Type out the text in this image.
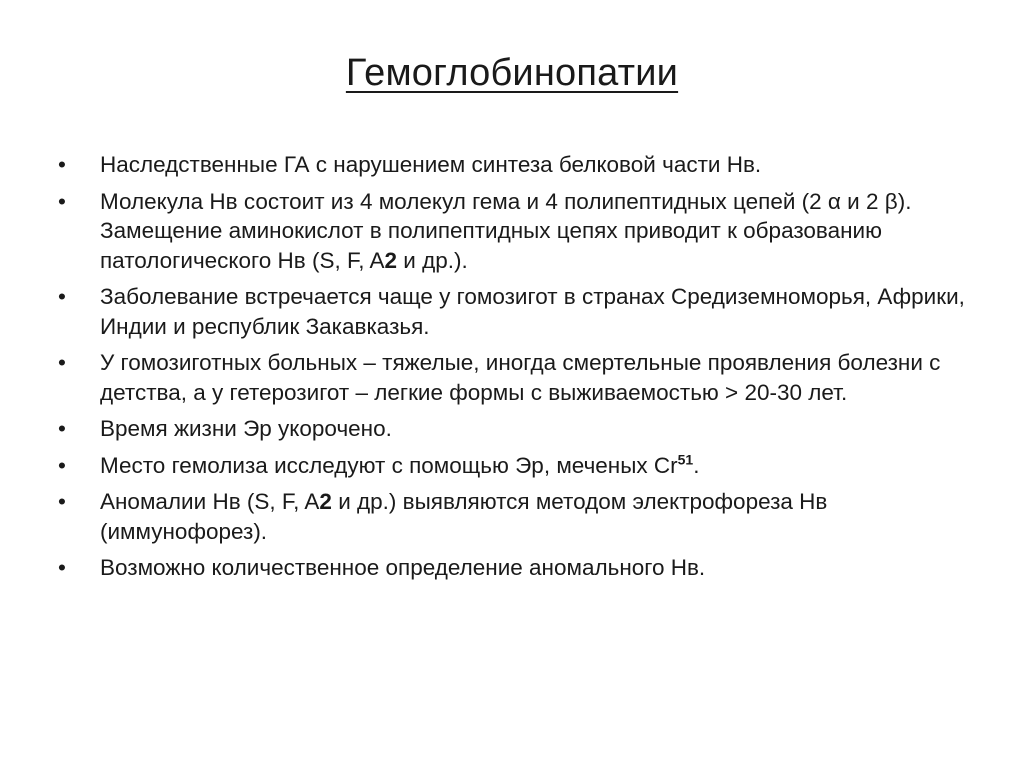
Гемоглобинопатии
•	Наследственные ГА с нарушением синтеза белковой части Нв.
•	Молекула Нв состоит из 4 молекул гема и 4 полипептидных цепей (2 α и 2 β). Замещение аминокислот в полипептидных цепях приводит к образованию патологического Нв (S, F, A2 и др.).
•	Заболевание встречается чаще у гомозигот в странах Средиземноморья, Африки, Индии и республик Закавказья.
•	У гомозиготных больных – тяжелые, иногда смертельные проявления болезни с детства, а у гетерозигот – легкие формы с выживаемостью > 20-30 лет.
•	Время жизни Эр укорочено.
•	Место гемолиза исследуют с помощью Эр, меченых Cr$^{51}$.
•	Аномалии Нв (S, F, A2 и др.) выявляются методом электрофореза Нв (иммунофорез).
•	Возможно количественное определение аномального Нв.
